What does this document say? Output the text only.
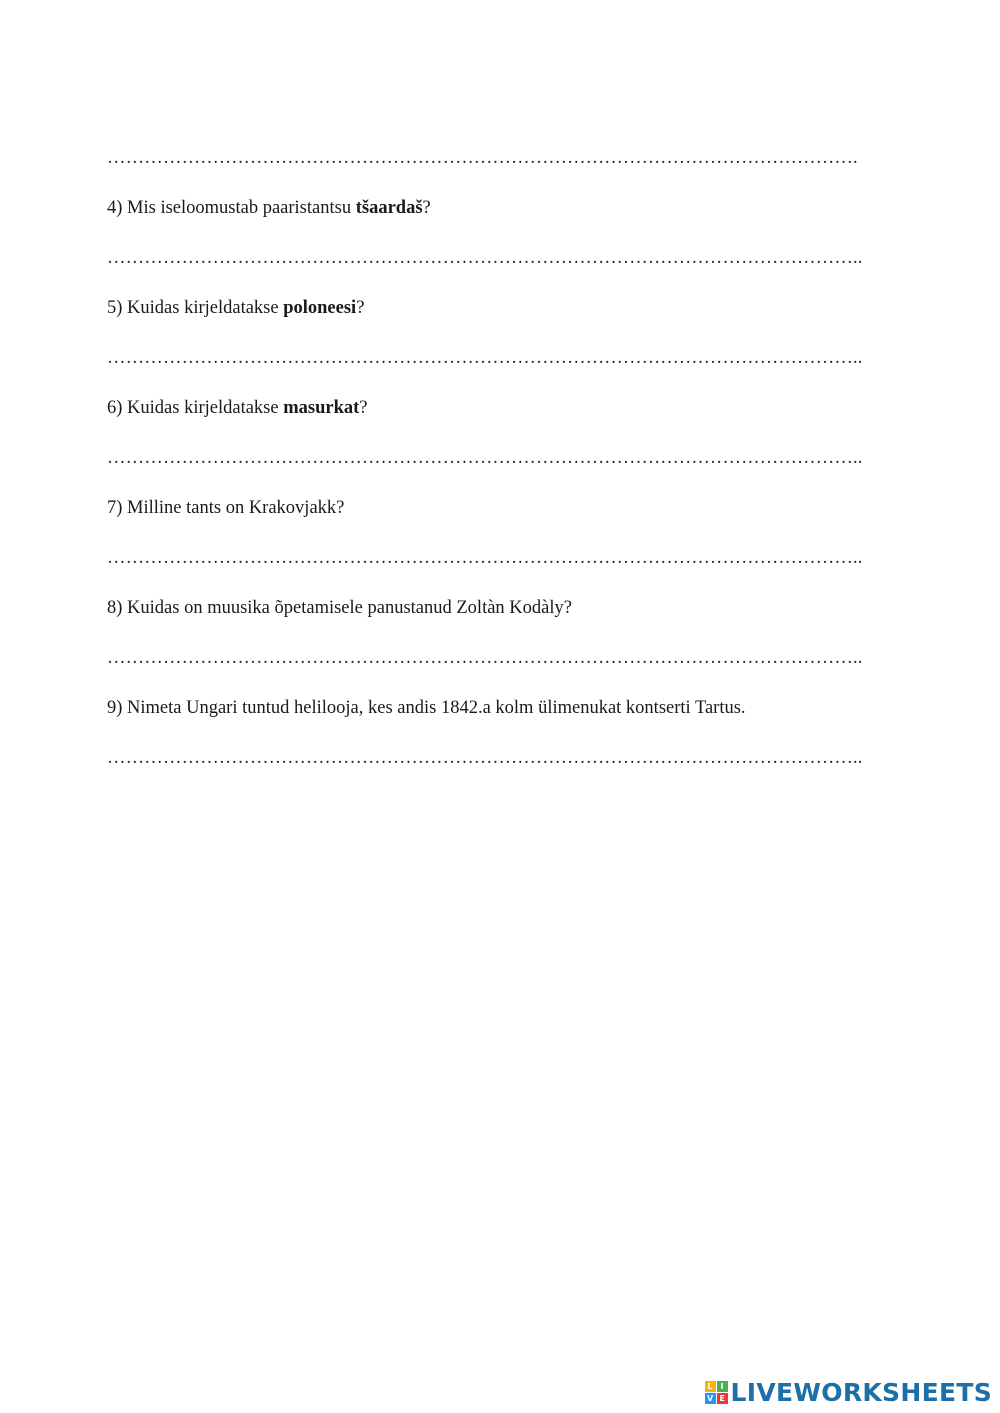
………………………………………………………………………………………………………….
4) Mis iseloomustab paaristantsu tšaardaš?
…………………………………………………………………………………………………………..
5) Kuidas kirjeldatakse poloneesi?
…………………………………………………………………………………………………………..
6) Kuidas kirjeldatakse masurkat?
…………………………………………………………………………………………………………..
7) Milline tants on Krakovjakk?
…………………………………………………………………………………………………………..
8) Kuidas on muusika õpetamisele panustanud Zoltàn Kodàly?
…………………………………………………………………………………………………………..
9) Nimeta Ungari tuntud helilooja, kes andis 1842.a kolm ülimenukat kontserti Tartus.
…………………………………………………………………………………………………………..
L I
V E LIVEWORKSHEETS
